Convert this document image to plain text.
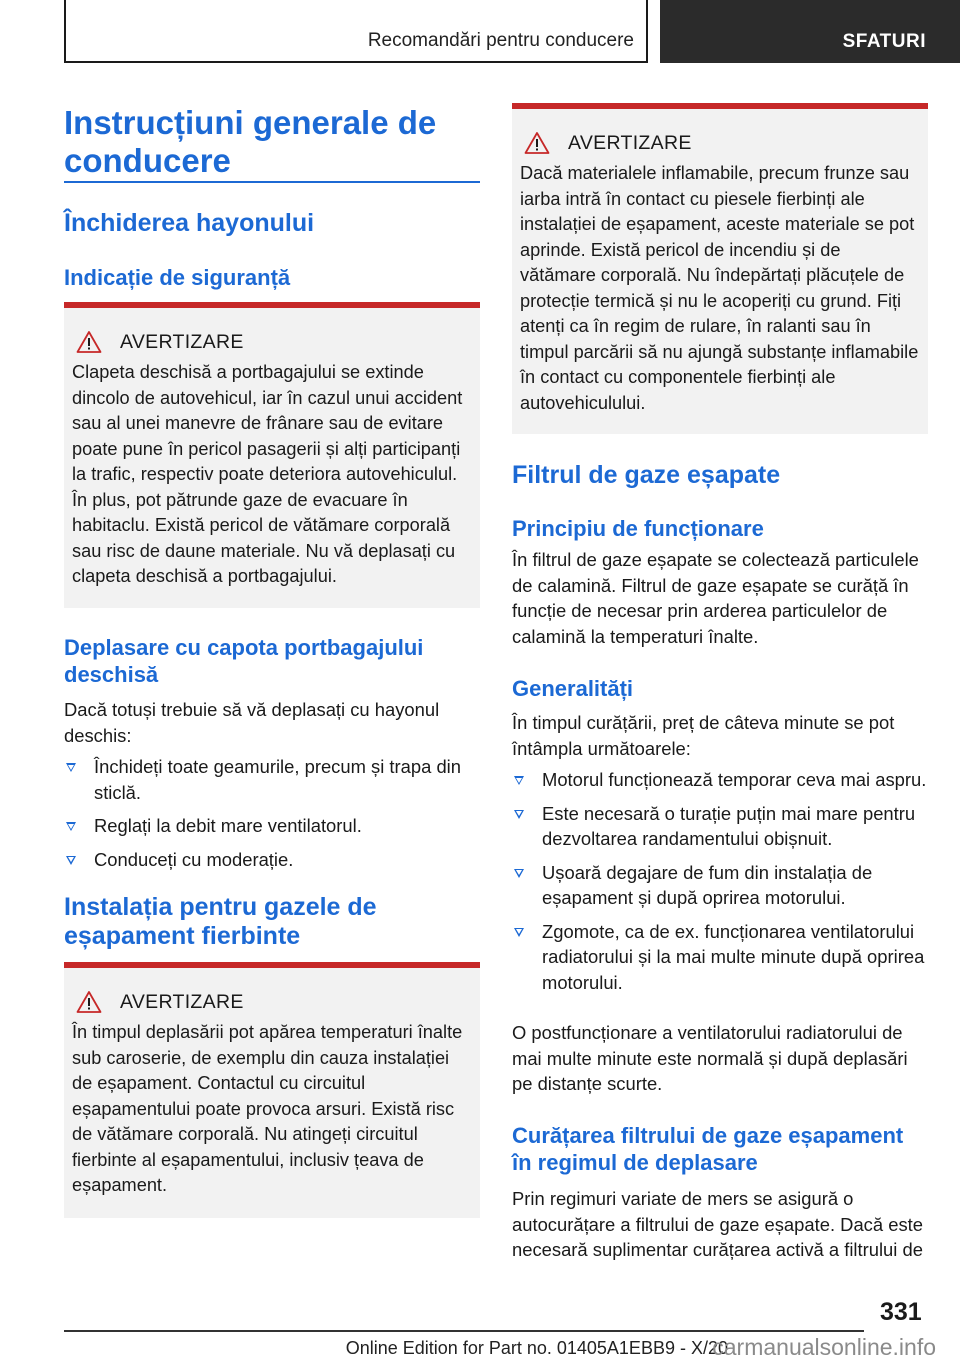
Recomandări pentru conducere	SFATURI
Instrucțiuni generale de conducere
Închiderea hayonului
Indicație de siguranță
AVERTIZARE

Clapeta deschisă a portbagajului se extinde dincolo de autovehicul, iar în cazul unui accident sau al unei manevre de frânare sau de evitare poate pune în pericol pasagerii și alți participanți la trafic, respectiv poate deteriora autovehiculul. În plus, pot pătrunde gaze de evacuare în habitaclu. Există pericol de vătămare corporală sau risc de daune materiale. Nu vă deplasați cu clapeta deschisă a portbagajului.

Deplasare cu capota portbagajului deschisă

Dacă totuși trebuie să vă deplasați cu hayonul deschis:

Închideți toate geamurile, precum și trapa din sticlă.
Reglați la debit mare ventilatorul.
Conduceți cu moderație.
Instalația pentru gazele de eșapament fierbinte
AVERTIZARE

În timpul deplasării pot apărea temperaturi înalte sub caroserie, de exemplu din cauza instalației de eșapament. Contactul cu circuitul eșapamentului poate provoca arsuri. Există risc de vătămare corporală. Nu atingeți circuitul fierbinte al eșapamentului, inclusiv țeava de eșapament.

AVERTIZARE

Dacă materialele inflamabile, precum frunze sau iarba intră în contact cu piesele fierbinți ale instalației de eșapament, aceste materiale se pot aprinde. Există pericol de incendiu și de vătămare corporală. Nu îndepărtați plăcuțele de protecție termică și nu le acoperiți cu grund. Fiți atenți ca în regim de rulare, în ralanti sau în timpul parcării să nu ajungă substanțe inflamabile în contact cu componentele fierbinți ale autovehiculului.

Filtrul de gaze eșapate
Principiu de funcționare

În filtrul de gaze eșapate se colectează particulele de calamină. Filtrul de gaze eșapate se curăță în funcție de necesar prin arderea particulelor de calamină la temperaturi înalte.

Generalități

În timpul curățării, preț de câteva minute se pot întâmpla următoarele:

Motorul funcționează temporar ceva mai aspru.
Este necesară o turație puțin mai mare pentru dezvoltarea randamentului obișnuit.
Ușoară degajare de fum din instalația de eșapament și după oprirea motorului.
Zgomote, ca de ex. funcționarea ventilatorului radiatorului și la mai multe minute după oprirea motorului.

O postfuncționare a ventilatorului radiatorului de mai multe minute este normală și după deplasări pe distanțe scurte.

Curățarea filtrului de gaze eșapament în regimul de deplasare

Prin regimuri variate de mers se asigură o autocurățare a filtrului de gaze eșapate. Dacă este necesară suplimentar curățarea activă a filtrului de

331
Online Edition for Part no. 01405A1EBB9 - X/20
carmanualsonline.info
